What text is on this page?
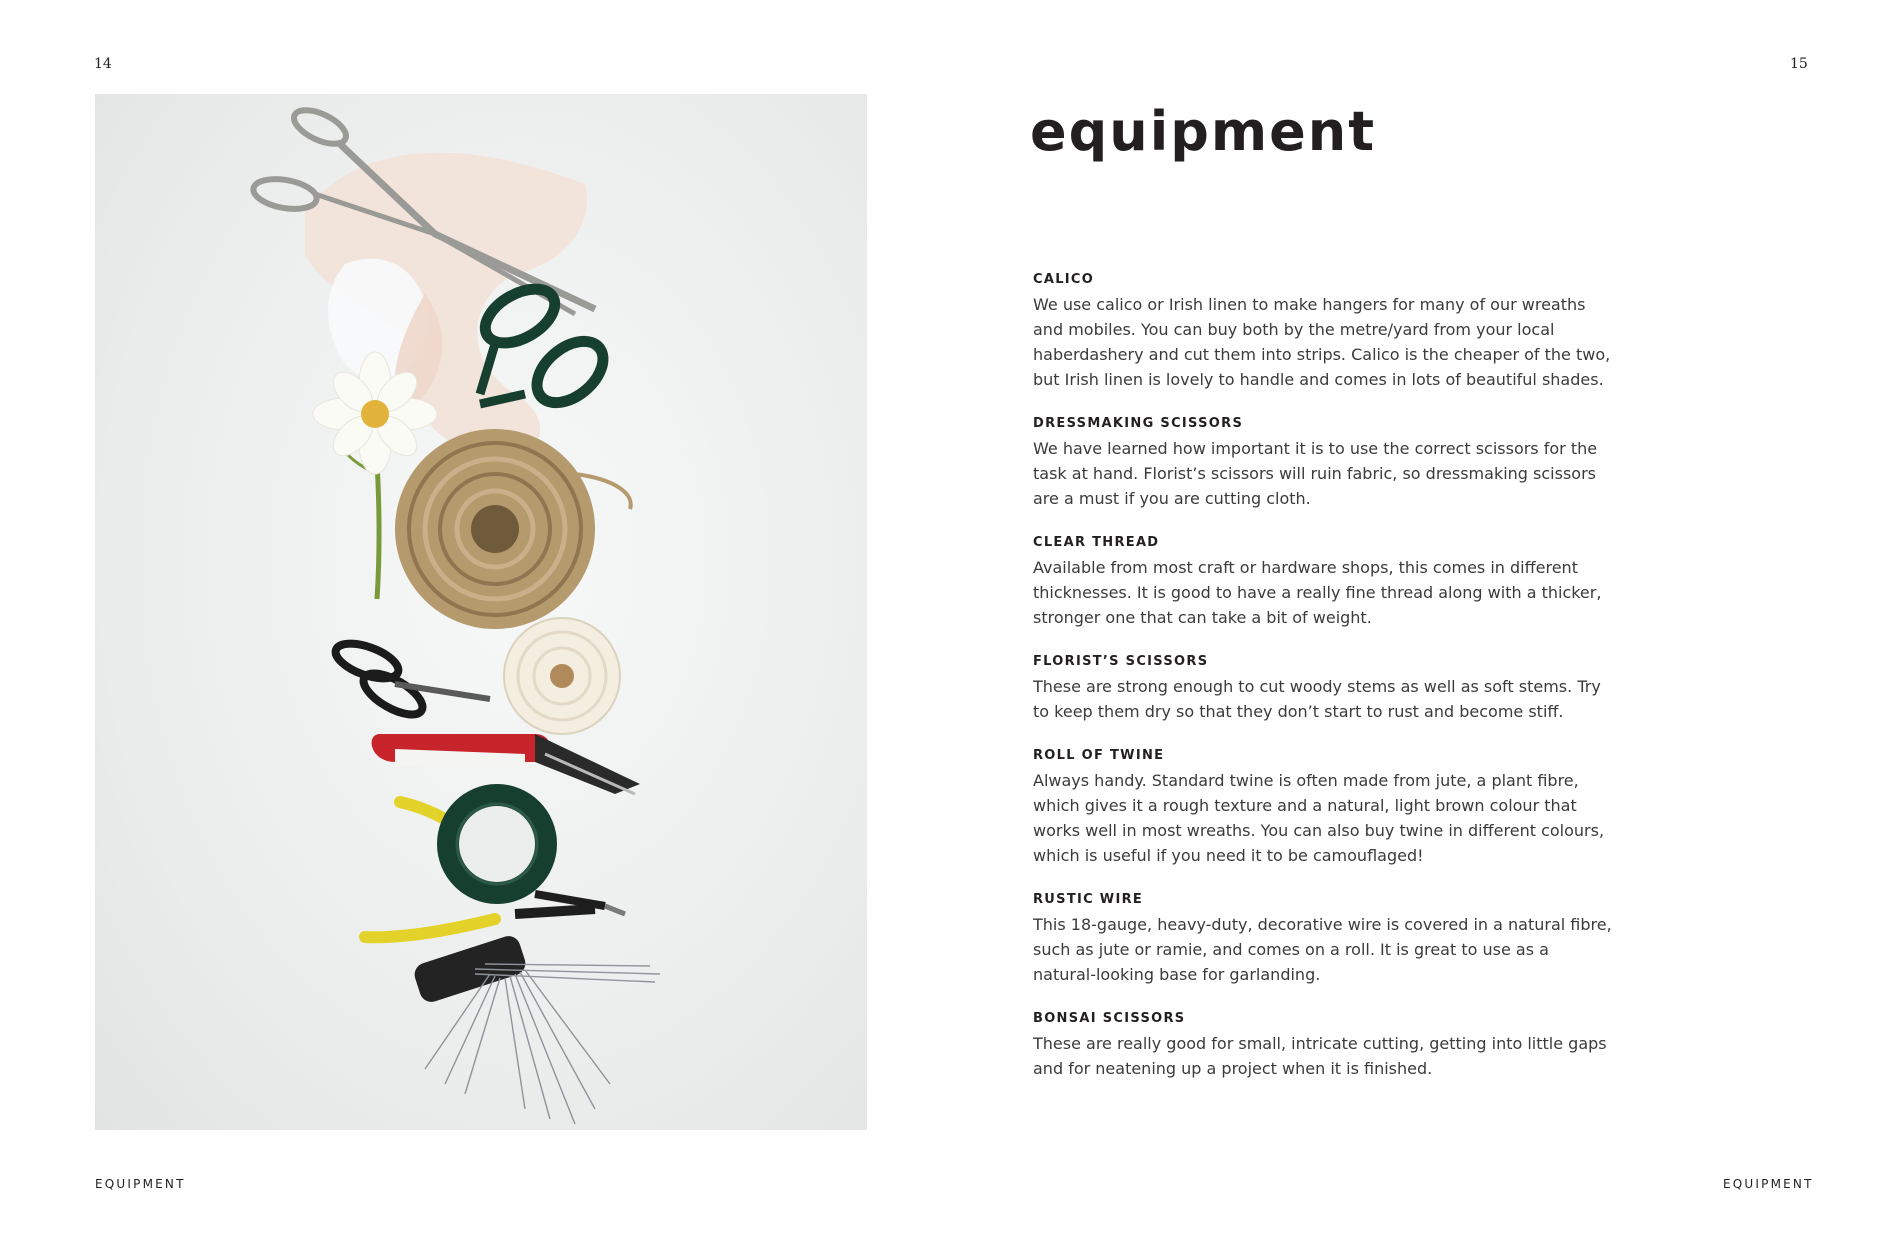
14	15
equipment

CALICO

We use calico or Irish linen to make hangers for many of our wreaths and mobiles. You can buy both by the metre/yard from your local haberdashery and cut them into strips. Calico is the cheaper of the two, but Irish linen is lovely to handle and comes in lots of beautiful shades.

DRESSMAKING SCISSORS

We have learned how important it is to use the correct scissors for the task at hand. Florist’s scissors will ruin fabric, so dressmaking scissors are a must if you are cutting cloth.

CLEAR THREAD

Available from most craft or hardware shops, this comes in different thicknesses. It is good to have a really fine thread along with a thicker, stronger one that can take a bit of weight.

FLORIST’S SCISSORS

These are strong enough to cut woody stems as well as soft stems. Try to keep them dry so that they don’t start to rust and become stiff.

ROLL OF TWINE

Always handy. Standard twine is often made from jute, a plant fibre, which gives it a rough texture and a natural, light brown colour that works well in most wreaths. You can also buy twine in different colours, which is useful if you need it to be camouflaged!

RUSTIC WIRE

This 18-gauge, heavy-duty, decorative wire is covered in a natural fibre, such as jute or ramie, and comes on a roll. It is great to use as a natural-looking base for garlanding.

BONSAI SCISSORS

These are really good for small, intricate cutting, getting into little gaps and for neatening up a project when it is finished.

EQUIPMENT	EQUIPMENT
